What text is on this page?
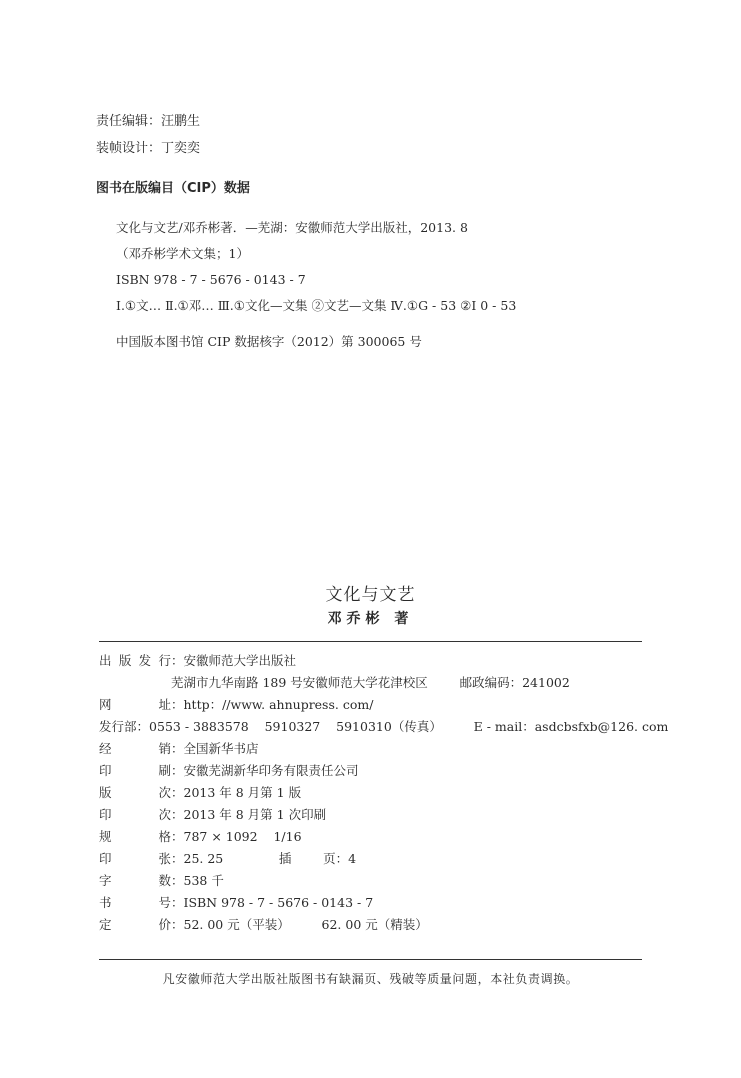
责任编辑：汪鹏生
装帧设计：丁奕奕
图书在版编目（CIP）数据
文化与文艺/邓乔彬著．—芜湖：安徽师范大学出版社，2013. 8
（邓乔彬学术文集；1）
ISBN 978 - 7 - 5676 - 0143 - 7
Ⅰ.①文… Ⅱ.①邓… Ⅲ.①文化—文集 ②文艺—文集 Ⅳ.①G - 53 ②I 0 - 53
中国版本图书馆 CIP 数据核字（2012）第 300065 号
文化与文艺
邓乔彬 著
出 版 发 行 ：安徽师范大学出版社
芜湖市九华南路 189 号安徽师范大学花津校区        邮政编码：241002
网	址 ：http：//www. ahnupress. com/
发 行 部 ：0553 - 3883578    5910327    5910310（传真）        E - mail：asdcbsfxb@126. com
经	销 ：全国新华书店
印	刷 ：安徽芜湖新华印务有限责任公司
版	次 ：2013 年 8 月第 1 版
印	次 ：2013 年 8 月第 1 次印刷
规	格 ：787 × 1092    1/16
印	张 ：25. 25              插        页：4
字	数 ：538 千
书	号 ：ISBN 978 - 7 - 5676 - 0143 - 7
定	价 ：52. 00 元（平装）        62. 00 元（精装）
凡安徽师范大学出版社版图书有缺漏页、残破等质量问题，本社负责调换。
